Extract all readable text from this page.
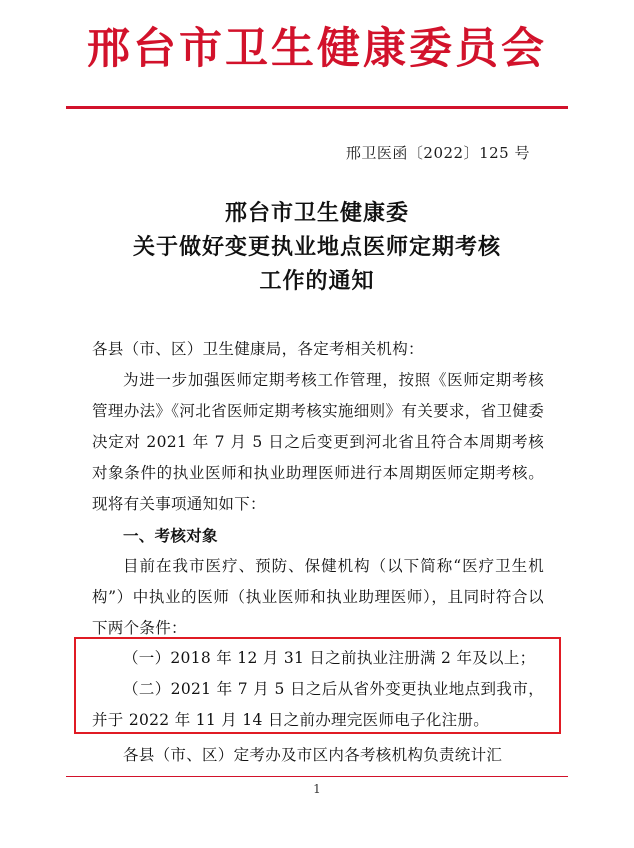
邢台市卫生健康委员会
邢卫医函〔2022〕125 号
邢台市卫生健康委
关于做好变更执业地点医师定期考核
工作的通知

各县（市、区）卫生健康局，各定考相关机构：

为进一步加强医师定期考核工作管理，按照《医师定期考核管理办法》《河北省医师定期考核实施细则》有关要求，省卫健委决定对 2021 年 7 月 5 日之后变更到河北省且符合本周期考核对象条件的执业医师和执业助理医师进行本周期医师定期考核。现将有关事项通知如下：

一、考核对象

目前在我市医疗、预防、保健机构（以下简称“医疗卫生机构”）中执业的医师（执业医师和执业助理医师），且同时符合以下两个条件：

（一）2018 年 12 月 31 日之前执业注册满 2 年及以上；

（二）2021 年 7 月 5 日之后从省外变更执业地点到我市，并于 2022 年 11 月 14 日之前办理完医师电子化注册。

各县（市、区）定考办及市区内各考核机构负责统计汇

1
